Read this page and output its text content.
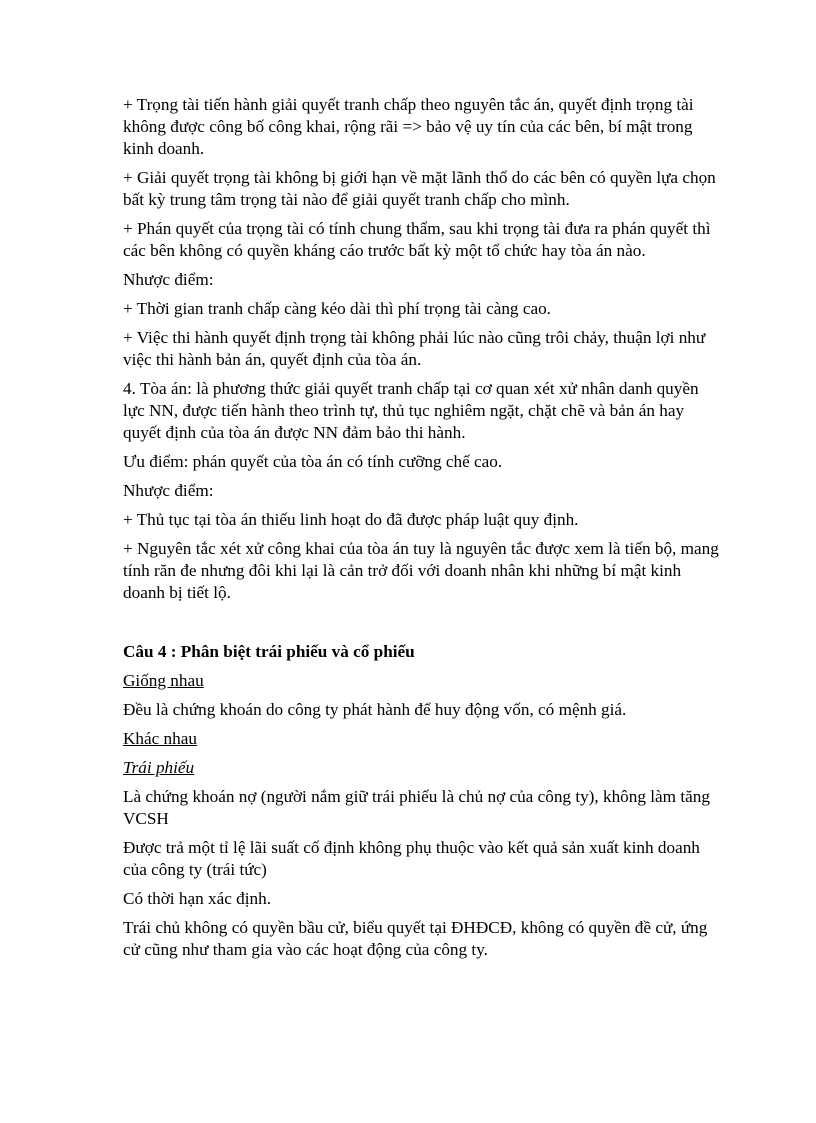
+ Trọng tài tiến hành giải quyết tranh chấp theo nguyên tắc án, quyết định trọng tài không được công bố công khai, rộng rãi => bảo vệ uy tín của các bên, bí mật trong kinh doanh.

+ Giải quyết trọng tài không bị giới hạn về mặt lãnh thổ do các bên có quyền lựa chọn bất kỳ trung tâm trọng tài nào để giải quyết tranh chấp cho mình.

+ Phán quyết của trọng tài có tính chung thẩm, sau khi trọng tài đưa ra phán quyết thì các bên không có quyền kháng cáo trước bất kỳ một tổ chức hay tòa án nào.

Nhược điểm:

+ Thời gian tranh chấp càng kéo dài thì phí trọng tài càng cao.

+ Việc thi hành quyết định trọng tài không phải lúc nào cũng trôi chảy, thuận lợi như việc thi hành bản án, quyết định của tòa án.

4. Tòa án: là phương thức giải quyết tranh chấp tại cơ quan xét xử nhân danh quyền lực NN, được tiến hành theo trình tự, thủ tục nghiêm ngặt, chặt chẽ và bản án hay quyết định của tòa án được NN đảm bảo thi hành.

Ưu điểm: phán quyết của tòa án có tính cưỡng chế cao.

Nhược điểm:

+ Thủ tục tại tòa án thiếu linh hoạt do đã được pháp luật quy định.

+ Nguyên tắc xét xử công khai của tòa án tuy là nguyên tắc được xem là tiến bộ, mang tính răn đe nhưng đôi khi lại là cản trở đối với doanh nhân khi những bí mật kinh doanh bị tiết lộ.

Câu 4 : Phân biệt trái phiếu và cổ phiếu

Giống nhau

Đều là chứng khoán do công ty phát hành để huy động vốn, có mệnh giá.

Khác nhau

Trái phiếu

Là chứng khoán nợ (người nắm giữ trái phiếu là chủ nợ của công ty), không làm tăng VCSH

Được trả một tỉ lệ lãi suất cố định không phụ thuộc vào kết quả sản xuất kinh doanh của công ty (trái tức)

Có thời hạn xác định.

Trái chủ không có quyền bầu cử, biểu quyết tại ĐHĐCĐ, không có quyền đề cử, ứng cử cũng như tham gia vào các hoạt động của công ty.
